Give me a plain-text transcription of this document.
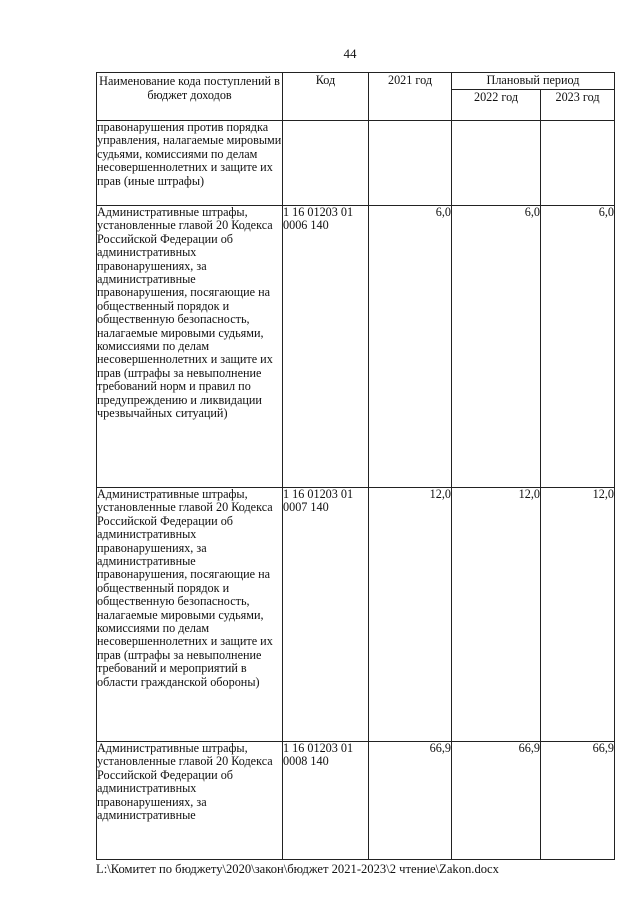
44
Наименование кода поступлений в бюджет доходов	Код	2021 год	Плановый период	
			2022 год	2023 год
правонарушения против порядка управления, налагаемые мировыми судьями, комиссиями по делам несовершеннолетних и защите их прав (иные штрафы)				
Административные штрафы, установленные главой 20 Кодекса Российской Федерации об административных правонарушениях, за административные правонарушения, посягающие на общественный порядок и общественную безопасность, налагаемые мировыми судьями, комиссиями по делам несовершеннолетних и защите их прав (штрафы за невыполнение требований норм и правил по предупреждению и ликвидации чрезвычайных ситуаций)	1 16 01203 01 0006 140	6,0	6,0	6,0
Административные штрафы, установленные главой 20 Кодекса Российской Федерации об административных правонарушениях, за административные правонарушения, посягающие на общественный порядок и общественную безопасность, налагаемые мировыми судьями, комиссиями по делам несовершеннолетних и защите их прав (штрафы за невыполнение требований и мероприятий в области гражданской обороны)	1 16 01203 01 0007 140	12,0	12,0	12,0
Административные штрафы, установленные главой 20 Кодекса Российской Федерации об административных правонарушениях, за административные	1 16 01203 01 0008 140	66,9	66,9	66,9
L:\Комитет по бюджету\2020\закон\бюджет 2021-2023\2 чтение\Zakon.docx
